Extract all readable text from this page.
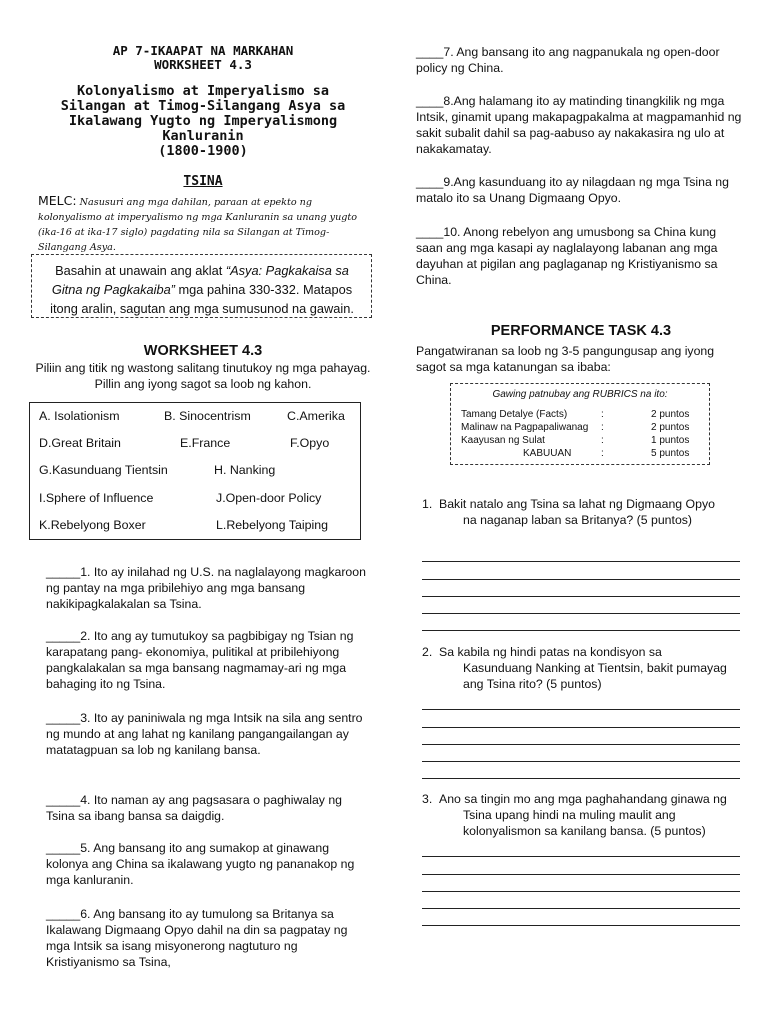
AP 7-IKAAPAT NA MARKAHAN
WORKSHEET 4.3
Kolonyalismo at Imperyalismo sa
Silangan at Timog-Silangang Asya sa
Ikalawang Yugto ng Imperyalismong
Kanluranin
(1800-1900)
TSINA
MELC: Nasusuri ang mga dahilan, paraan at epekto ng kolonyalismo at imperyalismo ng mga Kanluranin sa unang yugto (ika-16 at ika-17 siglo) pagdating nila sa Silangan at Timog-Silangang Asya.
Basahin at unawain ang aklat “Asya: Pagkakaisa sa Gitna ng Pagkakaiba” mga pahina 330-332. Matapos itong aralin, sagutan ang mga sumusunod na gawain.
WORKSHEET 4.3
Piliin ang titik ng wastong salitang tinutukoy ng mga pahayag. Pillin ang iyong sagot sa loob ng kahon.
A. Isolationism	B. Sinocentrism	C.Amerika
D.Great Britain	E.France	F.Opyo
G.Kasunduang Tientsin	H. Nanking
I.Sphere of Influence	J.Open-door Policy
K.Rebelyong Boxer	L.Rebelyong Taiping
_____1. Ito ay inilahad ng U.S. na naglalayong magkaroon ng pantay na mga pribilehiyo ang mga bansang nakikipagkalakalan sa Tsina.
_____2. Ito ang ay tumutukoy sa pagbibigay ng Tsian ng karapatang pang- ekonomiya, pulitikal at pribilehiyong pangkalakalan sa mga bansang nagmamay-ari ng mga bahaging ito ng Tsina.
_____3. Ito ay paniniwala ng mga Intsik na sila ang sentro ng mundo at ang lahat ng kanilang pangangailangan ay matatagpuan sa lob ng kanilang bansa.
_____4. Ito naman ay ang pagsasara o paghiwalay ng Tsina sa ibang bansa sa daigdig.
_____5. Ang bansang ito ang sumakop at ginawang kolonya ang China sa ikalawang yugto ng pananakop ng mga kanluranin.
_____6. Ang bansang ito ay tumulong sa Britanya sa Ikalawang Digmaang Opyo dahil na din sa pagpatay ng mga Intsik sa isang misyonerong nagtuturo ng Kristiyanismo sa Tsina,
____7. Ang bansang ito ang nagpanukala ng open-door policy ng China.
____8.Ang halamang ito ay matinding tinangkilik ng mga Intsik, ginamit upang makapagpakalma at magpamanhid ng sakit subalit dahil sa pag-aabuso ay nakakasira ng ulo at nakakamatay.
____9.Ang kasunduang ito ay nilagdaan ng mga Tsina ng matalo ito sa Unang Digmaang Opyo.
____10. Anong rebelyon ang umusbong sa China kung saan ang mga kasapi ay naglalayong labanan ang mga dayuhan at pigilan ang paglaganap ng Kristiyanismo sa China.
PERFORMANCE TASK 4.3
Pangatwiranan sa loob ng 3-5 pangungusap ang iyong sagot sa mga katanungan sa ibaba:
Gawing patnubay ang RUBRICS na ito:
Tamang Detalye (Facts)	:	2 puntos
Malinaw na Pagpapaliwanag :	2 puntos
Kaayusan ng Sulat	:	1 puntos
KABUUAN	:	5 puntos
1. Bakit natalo ang Tsina sa lahat ng Digmaang Opyo
na naganap laban sa Britanya? (5 puntos)
2. Sa kabila ng hindi patas na kondisyon sa
Kasunduang Nanking at Tientsin, bakit pumayag ang Tsina rito? (5 puntos)
3. Ano sa tingin mo ang mga paghahandang ginawa ng
Tsina upang hindi na muling maulit ang kolonyalismon sa kanilang bansa. (5 puntos)
